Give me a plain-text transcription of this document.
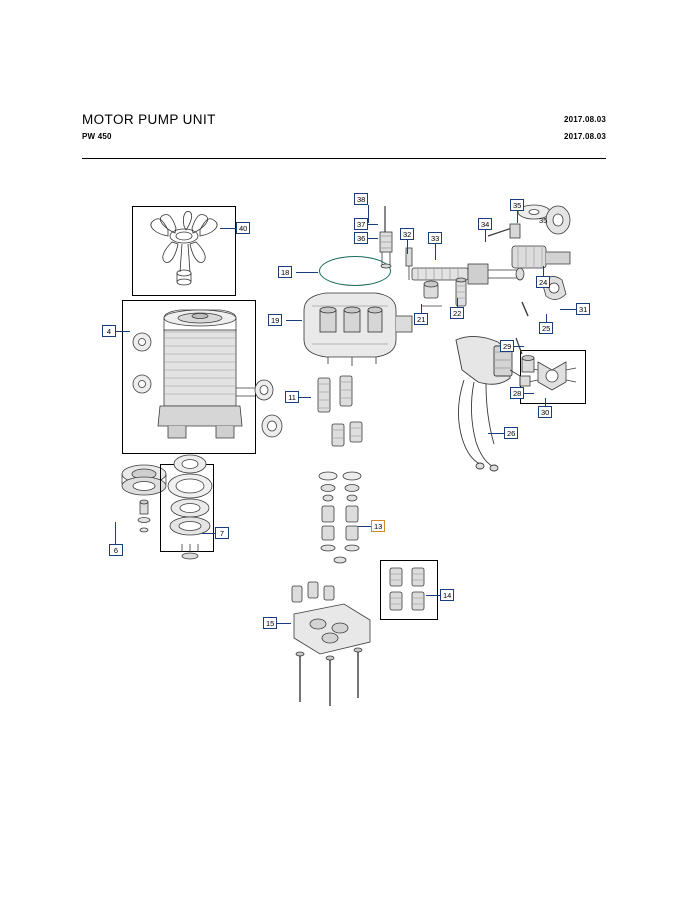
MOTOR PUMP UNIT
PW 450
2017.08.03
2017.08.03
40
4
18
19
38
37
36	32	33
34
35
24
31
25
21
22
29
28
30
26
11
6
7
13
14
15
35
